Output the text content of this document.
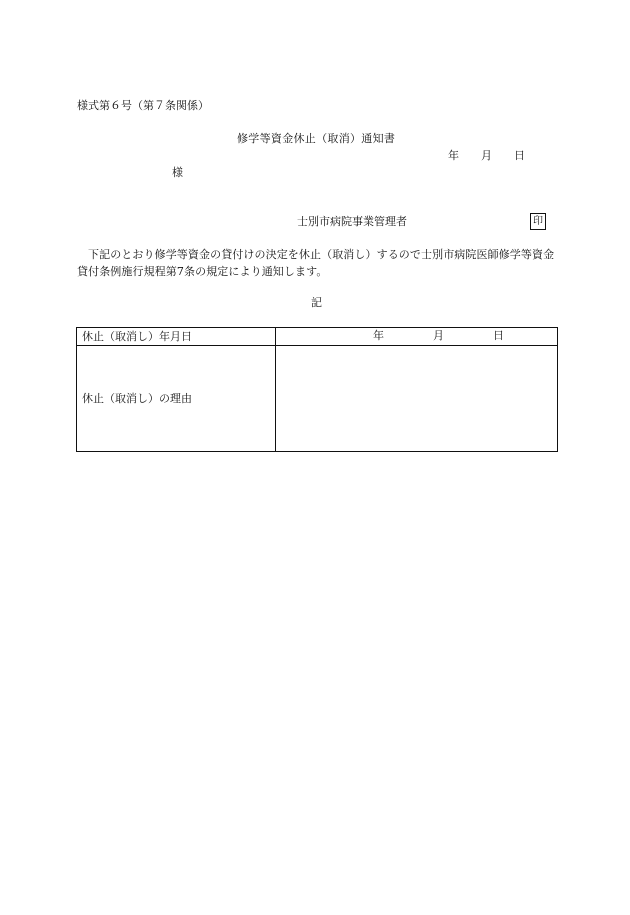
様式第６号（第７条関係）
修学等資金休止（取消）通知書
年 月 日
様
士別市病院事業管理者	印
下記のとおり修学等資金の貸付けの決定を休止（取消し）するので士別市病院医師修学等資金貸付条例施行規程第7条の規定により通知します。
記
休止（取消し）年月日	年 月 日

休止（取消し）の理由	
